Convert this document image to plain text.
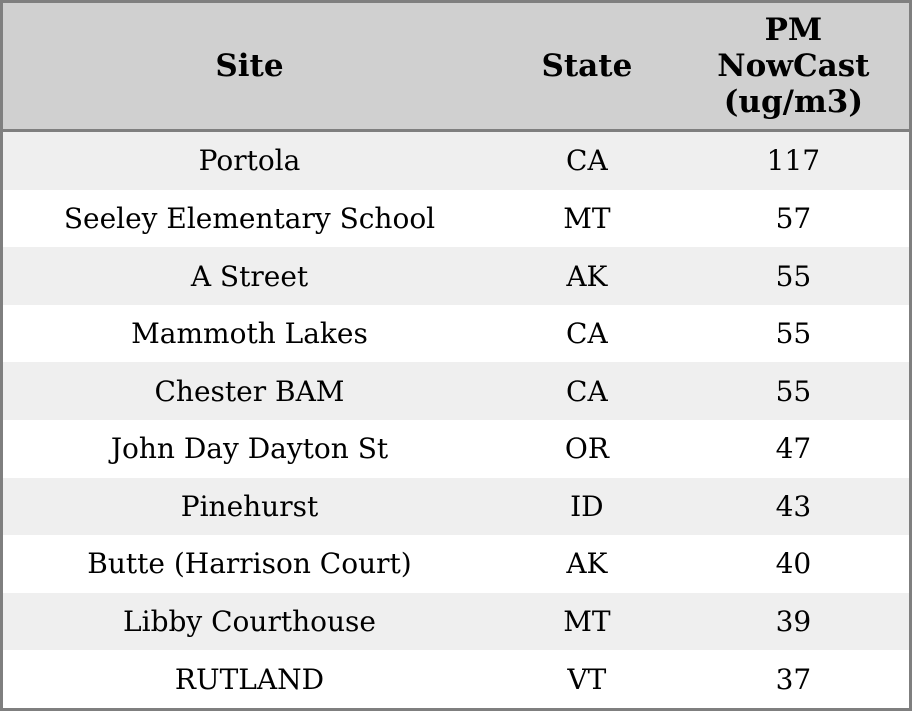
Site	State	PM NowCast (ug/m3)
Portola	CA	117
Seeley Elementary School	MT	57
A Street	AK	55
Mammoth Lakes	CA	55
Chester BAM	CA	55
John Day Dayton St	OR	47
Pinehurst	ID	43
Butte (Harrison Court)	AK	40
Libby Courthouse	MT	39
RUTLAND	VT	37
